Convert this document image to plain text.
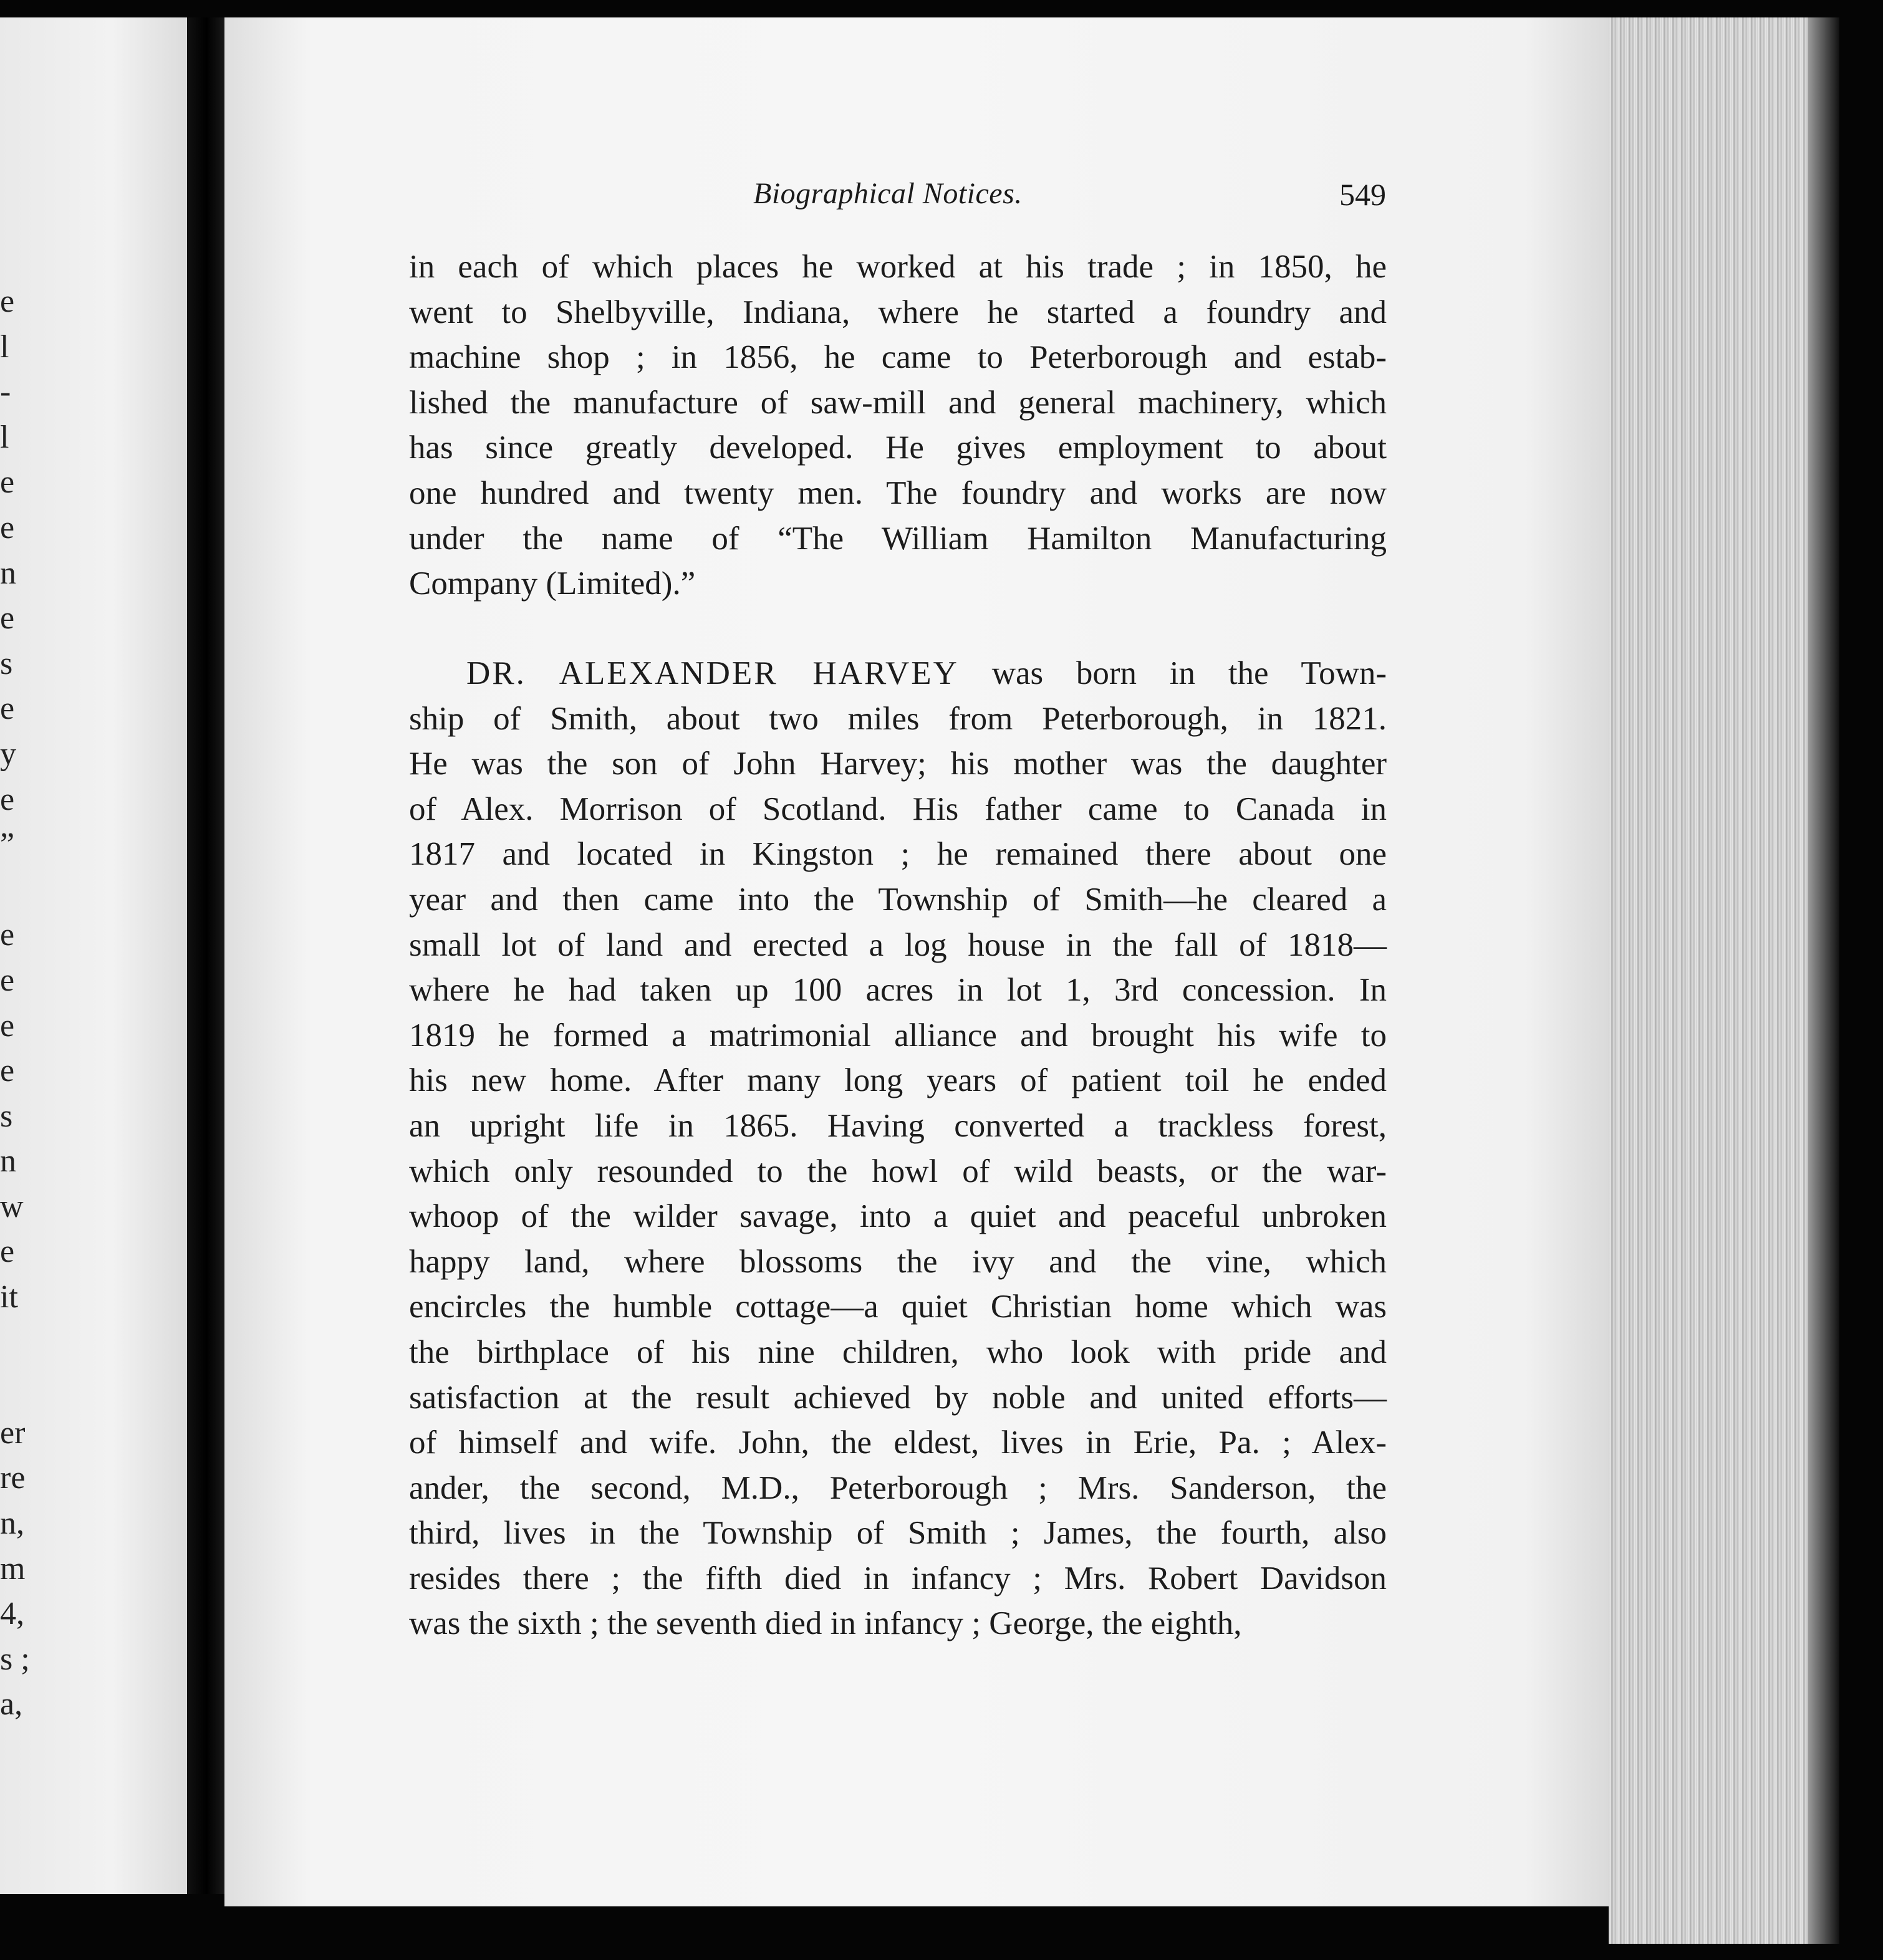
e
l
-
l
e
e
n
e
s
e
y
e
”
e
e
e
e
s
n
w
e
it
er
re
n,
m
4,
s ;
a,
Biographical Notices.	549

in each of which places he worked at his trade ; in 1850, he
went to Shelbyville, Indiana, where he started a foundry and
machine shop ; in 1856, he came to Peterborough and estab-
lished the manufacture of saw-mill and general machinery, which
has since greatly developed. He gives employment to about
one hundred and twenty men. The foundry and works are now
under the name of “The William Hamilton Manufacturing
Company (Limited).”

DR. ALEXANDER HARVEY was born in the Town-
ship of Smith, about two miles from Peterborough, in 1821.
He was the son of John Harvey; his mother was the daughter
of Alex. Morrison of Scotland. His father came to Canada in
1817 and located in Kingston ; he remained there about one
year and then came into the Township of Smith—he cleared a
small lot of land and erected a log house in the fall of 1818—
where he had taken up 100 acres in lot 1, 3rd concession. In
1819 he formed a matrimonial alliance and brought his wife to
his new home. After many long years of patient toil he ended
an upright life in 1865. Having converted a trackless forest,
which only resounded to the howl of wild beasts, or the war-
whoop of the wilder savage, into a quiet and peaceful unbroken
happy land, where blossoms the ivy and the vine, which
encircles the humble cottage—a quiet Christian home which was
the birthplace of his nine children, who look with pride and
satisfaction at the result achieved by noble and united efforts—
of himself and wife. John, the eldest, lives in Erie, Pa. ; Alex-
ander, the second, M.D., Peterborough ; Mrs. Sanderson, the
third, lives in the Township of Smith ; James, the fourth, also
resides there ; the fifth died in infancy ; Mrs. Robert Davidson
was the sixth ; the seventh died in infancy ; George, the eighth,
